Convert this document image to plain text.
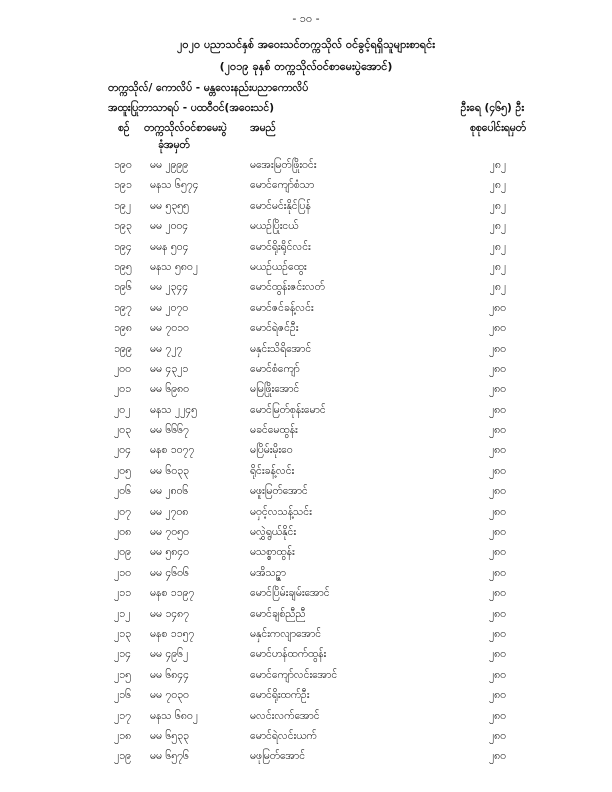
- ၁၀ -
၂၀၂၀ ပညာသင်နှစ် အဝေးသင်တက္ကသိုလ် ဝင်ခွင့်ရရှိသူများစာရင်း
(၂၀၁၉ ခုနှစ် တက္ကသိုလ်ဝင်စာမေးပွဲအောင်)
တက္ကသိုလ်/ ကောလိပ် - မန္တလေးနည်းပညာကောလိပ်
အထူးပြုဘာသာရပ် - ပထဝီဝင်(အဝေးသင်)	ဦးရေ (၄၆၅) ဦး
စဉ် တက္ကသိုလ်ဝင်စာမေးပွဲ
ခုံအမှတ်
အမည်	စုစုပေါင်းရမှတ်
၁၉၀ မမ ၂၉၉၉	မအေးမြတ်ဖြိုးဝင်း	၂၈၂
၁၉၁ မနသ ၆၅၇၄	မောင်ကျော်စံသာ	၂၈၂
၁၉၂ မမ ၅၃၅၅	မောင်မင်းနိုင်ပြန်	၂၈၂
၁၉၃ မမ ၂၀၀၄	မယဉ်ပြိုးငယ်	၂၈၂
၁၉၄ မမန ၅၀၄	မောင်ရိုးရိုင်လင်း	၂၈၂
၁၉၅ မနသ ၅၈၀၂	မယဉ်ယဉ်ထွေး	၂၈၂
၁၉၆ မမ ၂၃၄၄	မောင်ထွန်းဇင်းလတ်	၂၈၂
၁၉၇ မမ ၂၀၇၀	မောင်ဇင်ခန့်လင်း	၂၈၀
၁၉၈ မမ ၇၀၁၀	မောင်ရဲဇင်ဦး	၂၈၀
၁၉၉ မမ ၇၂၇	မနှင်းသိရိအောင်	၂၈၀
၂၀၀ မမ ၄၃၂၁	မောင်စံကျော်	၂၈၀
၂၀၁ မမ ၆၉၈၀	မမြဖြိုးအောင်	၂၈၀
၂၀၂ မနသ ၂၂၄၅	မောင်မြတ်စုန်းမောင်	၂၈၀
၂၀၃ မမ ၆၆၆၇	မခင်မေထွန်း	၂၈၀
၂၀၄ မနစ ၁၀၇၇	မပြိမ်းမိုးဝေ	၂၈၀
၂၀၅ မမ ၆၀၃၃	ရိုင်းခန့်လင်း	၂၈၀
၂၀၆ မမ ၂၈၀၆	မဖူးမြတ်အောင်	၂၈၀
၂၀၇ မမ ၂၇၀၈	မဝှင့်လသန့်သင်း	၂၈၀
၂၀၈ မမ ၇၀၅၀	မလွှဲရွယ်နိုင်း	၂၈၀
၂၀၉ မမ ၅၈၄၀	မသစ္စာထွန်း	၂၈၀
၂၁၀ မမ ၄၆၀၆	မအိသဉ္ဇာ	၂၈၀
၂၁၁ မနစ ၁၁၉၇	မောင်ပြိမ်းချမ်းအောင်	၂၈၀
၂၁၂ မမ ၁၄၈၇	မောင်ချစ်ညီညီ	၂၈၀
၂၁၃ မနစ ၁၁၅၇	မနှင်းကလျာအောင်	၂၈၀
၂၁၄ မမ ၄၉၆၂	မောင်ဟန်ထက်ထွန်း	၂၈၀
၂၁၅ မမ ၆၈၄၄	မောင်ကျော်လင်းအောင်	၂၈၀
၂၁၆ မမ ၇၀၃၀	မောင်ရိုးထက်ဦး	၂၈၀
၂၁၇ မနသ ၆၈၀၂	မလင်းလက်အောင်	၂၈၀
၂၁၈ မမ ၆၅၃၃	မောင်ရဲလင်းယက်	၂၈၀
၂၁၉ မမ ၆၅၇၆	မဖုမြတ်အောင်	၂၈၀
